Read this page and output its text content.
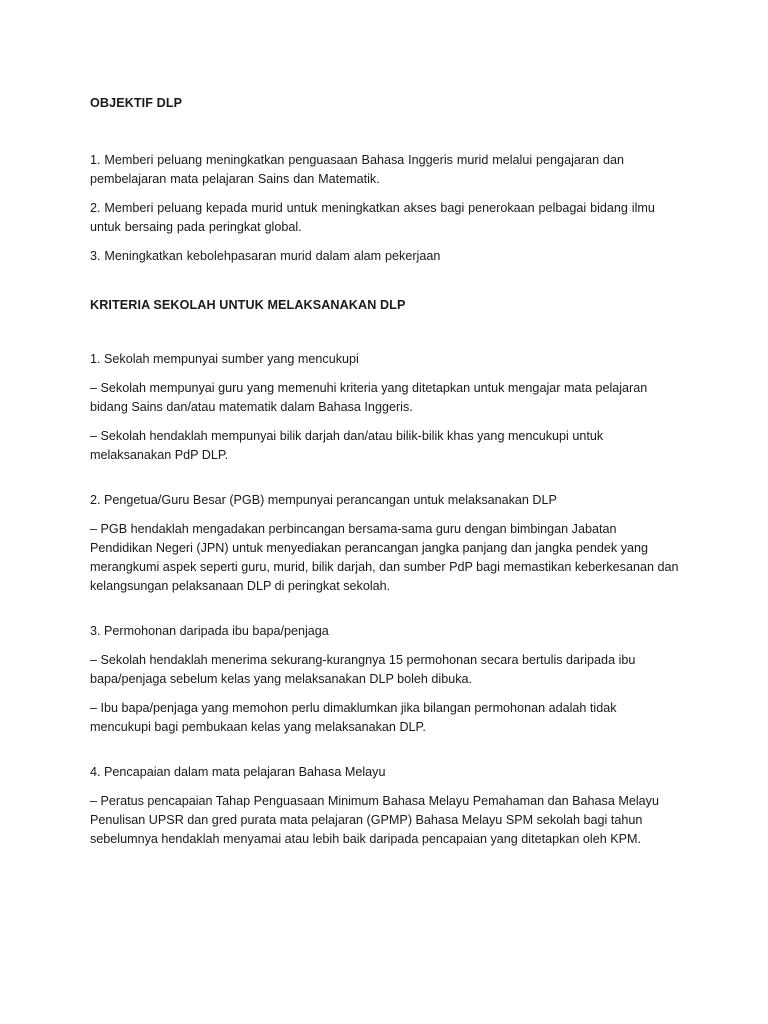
OBJEKTIF DLP

1. Memberi peluang meningkatkan penguasaan Bahasa Inggeris murid melalui pengajaran dan pembelajaran mata pelajaran Sains dan Matematik.

2. Memberi peluang kepada murid untuk meningkatkan akses bagi penerokaan pelbagai bidang ilmu untuk bersaing pada peringkat global.

3. Meningkatkan kebolehpasaran murid dalam alam pekerjaan

KRITERIA SEKOLAH UNTUK MELAKSANAKAN DLP

1. Sekolah mempunyai sumber yang mencukupi

– Sekolah mempunyai guru yang memenuhi kriteria yang ditetapkan untuk mengajar mata pelajaran bidang Sains dan/atau matematik dalam Bahasa Inggeris.

– Sekolah hendaklah mempunyai bilik darjah dan/atau bilik-bilik khas yang mencukupi untuk melaksanakan PdP DLP.

2. Pengetua/Guru Besar (PGB) mempunyai perancangan untuk melaksanakan DLP

– PGB hendaklah mengadakan perbincangan bersama-sama guru dengan bimbingan Jabatan Pendidikan Negeri (JPN) untuk menyediakan perancangan jangka panjang dan jangka pendek yang merangkumi aspek seperti guru, murid, bilik darjah, dan sumber PdP bagi memastikan keberkesanan dan kelangsungan pelaksanaan DLP di peringkat sekolah.

3. Permohonan daripada ibu bapa/penjaga

– Sekolah hendaklah menerima sekurang-kurangnya 15 permohonan secara bertulis daripada ibu bapa/penjaga sebelum kelas yang melaksanakan DLP boleh dibuka.

– Ibu bapa/penjaga yang memohon perlu dimaklumkan jika bilangan permohonan adalah tidak mencukupi bagi pembukaan kelas yang melaksanakan DLP.

4. Pencapaian dalam mata pelajaran Bahasa Melayu

– Peratus pencapaian Tahap Penguasaan Minimum Bahasa Melayu Pemahaman dan Bahasa Melayu Penulisan UPSR dan gred purata mata pelajaran (GPMP) Bahasa Melayu SPM sekolah bagi tahun sebelumnya hendaklah menyamai atau lebih baik daripada pencapaian yang ditetapkan oleh KPM.
